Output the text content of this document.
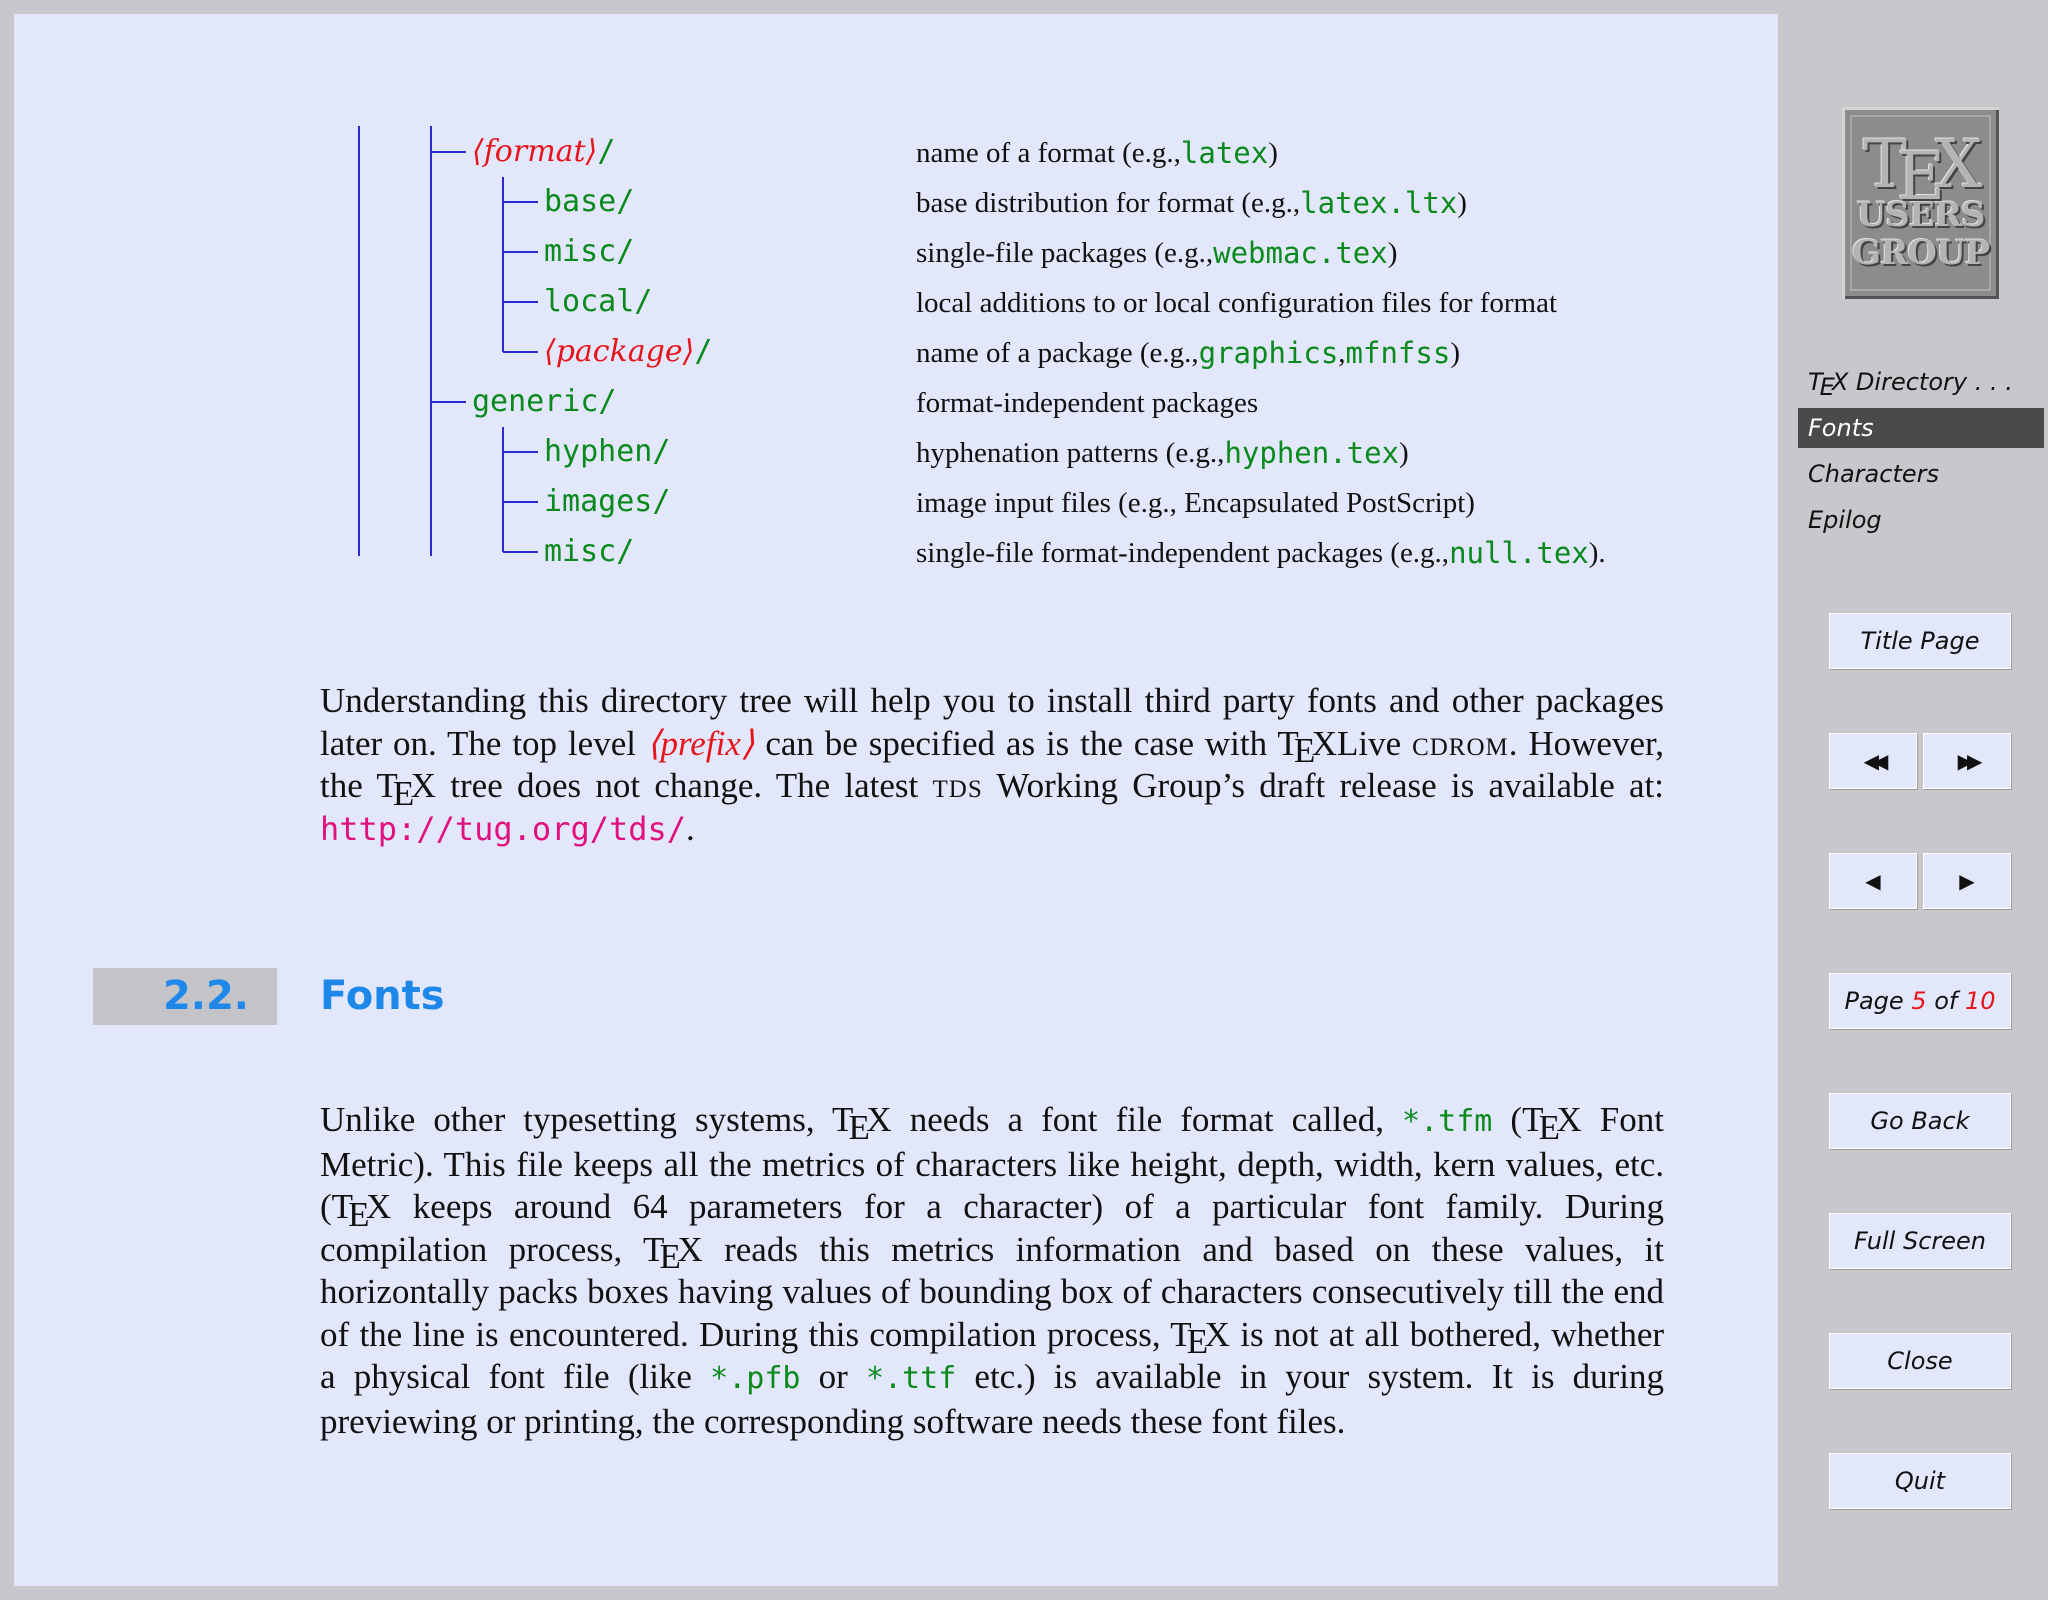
⟨format⟩ /	name of a format (e.g., latex )
base/	base distribution for format (e.g., latex.ltx )
misc/	single-file packages (e.g., webmac.tex )
local/	local additions to or local configuration files for format
⟨package⟩ /	name of a package (e.g., graphics , mfnfss )
generic/	format-independent packages
hyphen/	hyphenation patterns (e.g., hyphen.tex )
images/	image input files (e.g., Encapsulated PostScript)
misc/	single-file format-independent packages (e.g., null.tex ).
Understanding this directory tree will help you to install third party fonts and other packages later on. The top level ⟨prefix⟩ can be specified as is the case with TEXLive cdrom. However, the TEX tree does not change. The latest tds Working Group’s draft release is available at: http://tug.org/tds/.
2.2. Fonts
Unlike other typesetting systems, TEX needs a font file format called, *.tfm (TEX Font Metric). This file keeps all the metrics of characters like height, depth, width, kern values, etc. (TEX keeps around 64 parameters for a character) of a particular font family. During compilation process, TEX reads this metrics information and based on these values, it horizontally packs boxes having values of bounding box of characters consecutively till the end of the line is encountered. During this compilation process, TEX is not at all bothered, whether a physical font file (like *.pfb or *.ttf etc.) is available in your system. It is during previewing or printing, the corresponding software needs these font files.
TEX
USERS
GROUP
TEX Directory . . .
Fonts
Characters
Epilog
Title Page
◀◀	▶▶
◀	▶
Page 5 of 10
Go Back
Full Screen
Close
Quit
